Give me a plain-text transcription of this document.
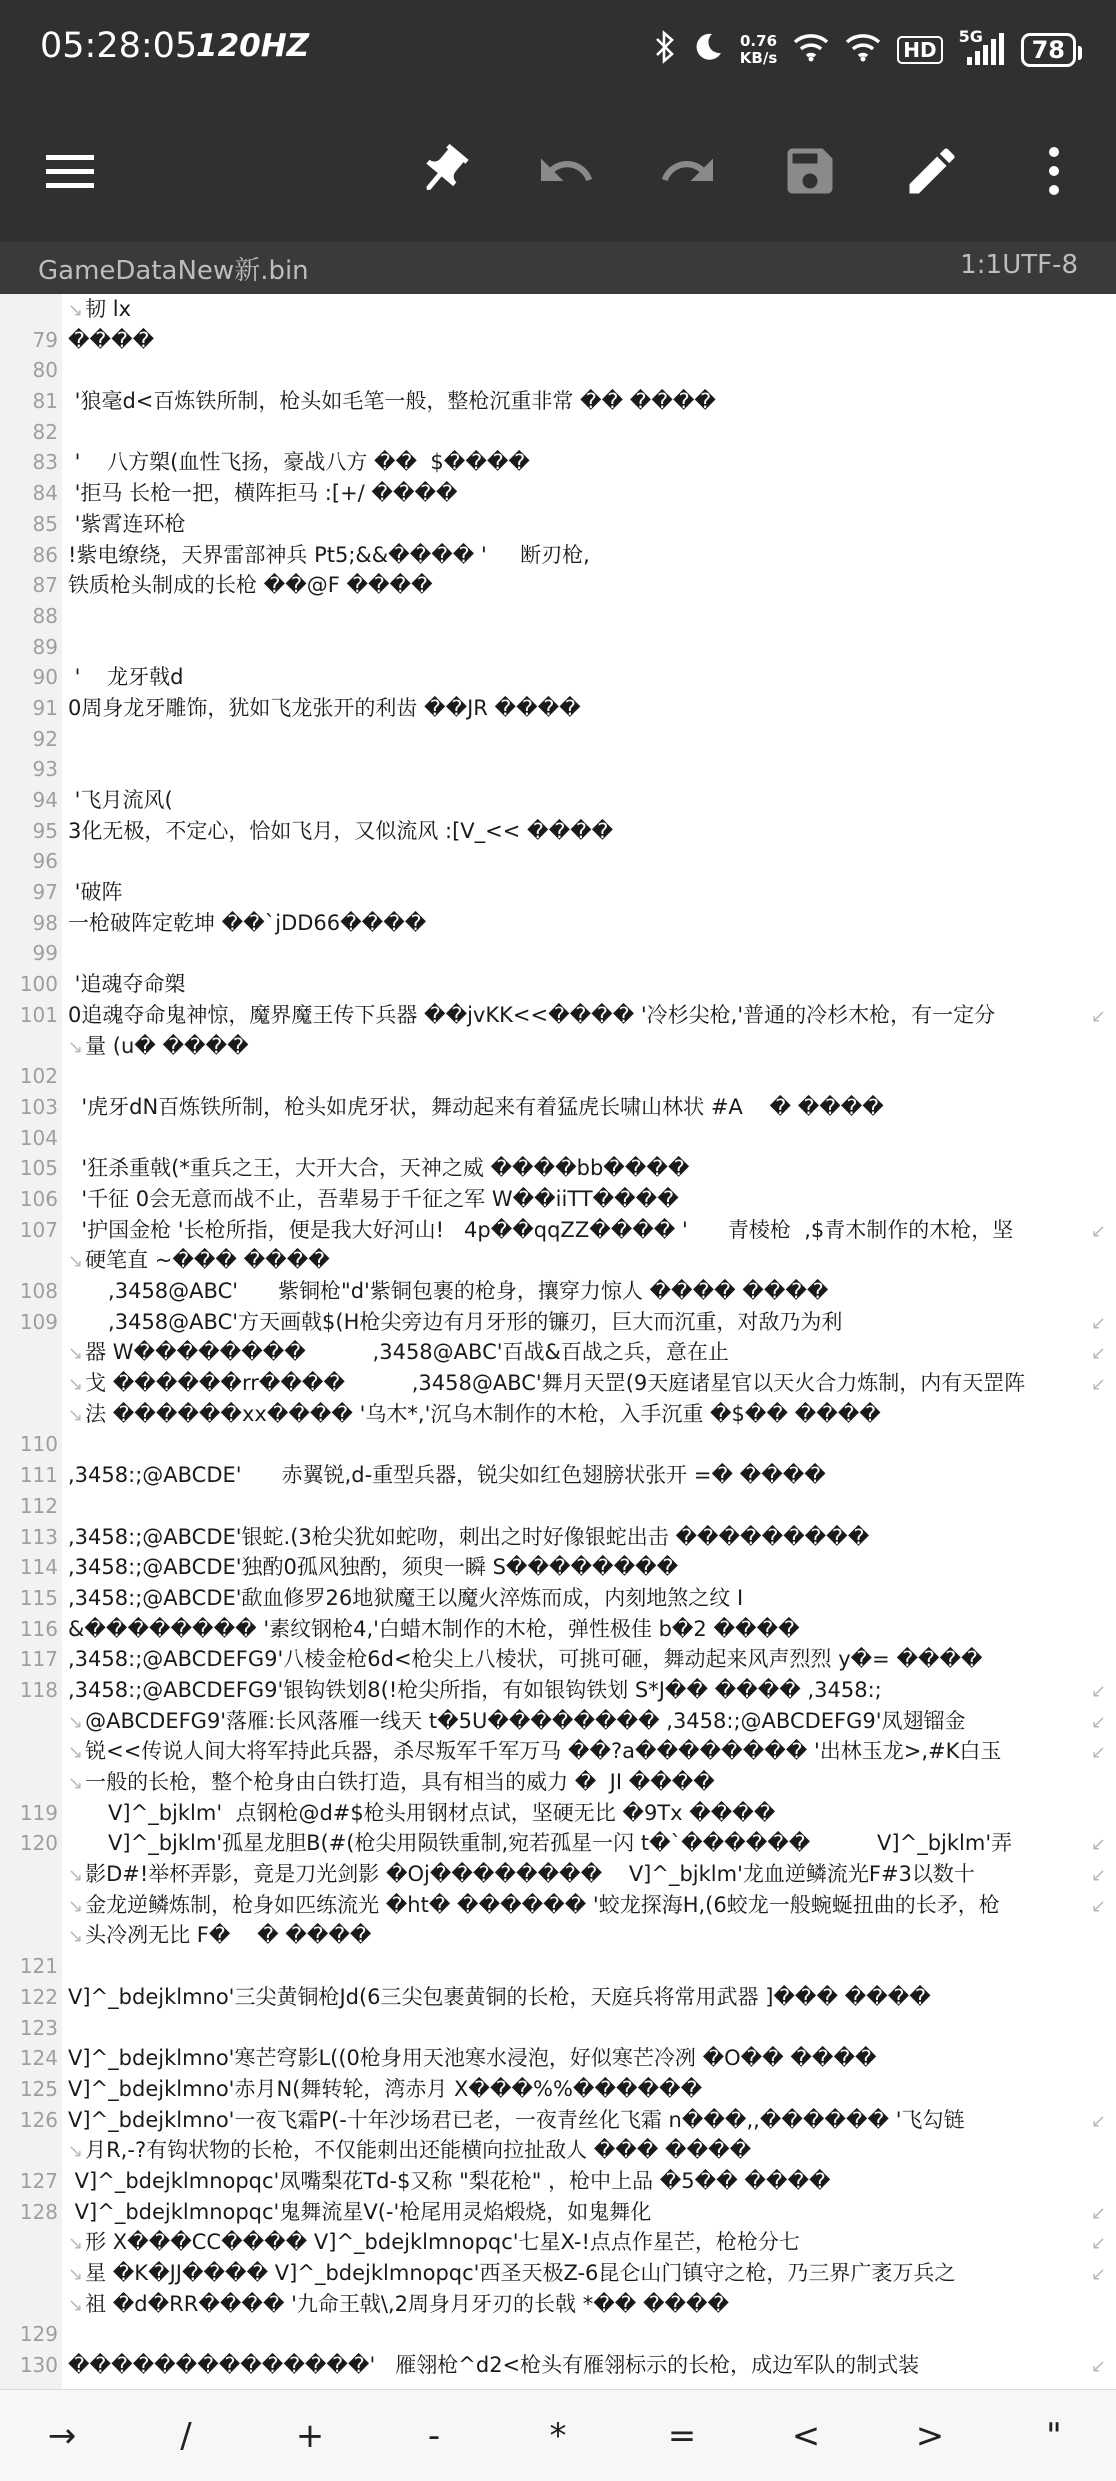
05:28:05
120HZ	0.76
KB/s	HD
5G	78
GameDataNew新.bin	1:1 UTF-8
↘韧 lx
79 ����
80
81 '狼毫d<百炼铁所制，枪头如毛笔一般，整枪沉重非常 �� ����
82
83 '    八方槊(血性飞扬，豪战八方 ��  $����
84 '拒马 长枪一把，横阵拒马 :[+/ ����
85 '紫霄连环枪
86 !紫电缭绕，天界雷部神兵 Pt5;&&���� '     断刃枪,
87 铁质枪头制成的长枪 ��@F ����
88
89
90 '    龙牙戟d
91 0周身龙牙雕饰，犹如飞龙张开的利齿 ��JR ����
92
93
94 '飞月流风(
95 3化无极，不定心，恰如飞月，又似流风 :[V_<< ����
96
97 '破阵
98 一枪破阵定乾坤 ��`jDD66����
99
100 '追魂夺命槊
101 0追魂夺命鬼神惊，魔界魔王传下兵器 ��jvKK<<���� '冷杉尖枪,'普通的冷杉木枪，有一定分	↙
↘量 (u� ����
102
103 '虎牙dN百炼铁所制，枪头如虎牙状，舞动起来有着猛虎长啸山林状 #A    � ����
104
105 '狂杀重戟(*重兵之王，大开大合，天神之威 ����bb����
106 '千征 0会无意而战不止，吾辈易于千征之军 W��iiTT����
107 '护国金枪 '长枪所指，便是我大好河山!   4p��qqZZ���� '      青棱枪  ,$青木制作的木枪，坚	↙
↘硬笔直 ~��� ����
108 ,3458@ABC'      紫铜枪"d'紫铜包裹的枪身，攘穿力惊人 ���� ����
109 ,3458@ABC'方天画戟$(H枪尖旁边有月牙形的镰刃，巨大而沉重，对敌乃为利	↙
↘器 W��������          ,3458@ABC'百战&百战之兵，意在止	↙
↘戈 ������rr����          ,3458@ABC'舞月天罡(9天庭诸星官以天火合力炼制，内有天罡阵	↙
↘法 ������xx���� '乌木*,'沉乌木制作的木枪，入手沉重 �$�� ����
110
111 ,3458:;@ABCDE'      赤翼锐,d-重型兵器，锐尖如红色翅膀状张开 =� ����
112
113 ,3458:;@ABCDE'银蛇.(3枪尖犹如蛇吻，刺出之时好像银蛇出击 ���������
114 ,3458:;@ABCDE'独酌0孤风独酌，须臾一瞬 S��������
115 ,3458:;@ABCDE'歃血修罗26地狱魔王以魔火淬炼而成，内刻地煞之纹 I
116 &�������� '素纹钢枪4,'白蜡木制作的木枪，弹性极佳 b�2 ����
117 ,3458:;@ABCDEFG9'八棱金枪6d<枪尖上八棱状，可挑可砸，舞动起来风声烈烈 y�= ����
118 ,3458:;@ABCDEFG9'银钩铁划8(!枪尖所指，有如银钩铁划 S*J�� ���� ,3458:;	↙
↘@ABCDEFG9'落雁:长风落雁一线天 t�5U�������� ,3458:;@ABCDEFG9'凤翅镏金	↙
↘锐<<传说人间大将军持此兵器，杀尽叛军千军万马 ��?a�������� '出林玉龙>,#K白玉	↙
↘一般的长枪，整个枪身由白铁打造，具有相当的威力 �  JI ����
119 V]^_bjklm'  点钢枪@d#$枪头用钢材点试，坚硬无比 �9Tx ����
120 V]^_bjklm'孤星龙胆B(#(枪尖用陨铁重制,宛若孤星一闪 t�`������          V]^_bjklm'弄	↙
↘影D#!举杯弄影，竟是刀光剑影 �Oj��������    V]^_bjklm'龙血逆鳞流光F#3以数十	↙
↘金龙逆鳞炼制，枪身如匹练流光 �ht� ������ '蛟龙探海H,(6蛟龙一般蜿蜒扭曲的长矛，枪	↙
↘头冷冽无比 F�    � ����
121
122 V]^_bdejklmno'三尖黄铜枪Jd(6三尖包裹黄铜的长枪，天庭兵将常用武器 ]��� ����
123
124 V]^_bdejklmno'寒芒穹影L((0枪身用天池寒水浸泡，好似寒芒冷冽 �O�� ����
125 V]^_bdejklmno'赤月N(舞转轮，湾赤月 X���%%������
126 V]^_bdejklmno'一夜飞霜P(-十年沙场君已老，一夜青丝化飞霜 n���,,������ '飞勾链	↙
↘月R,-?有钩状物的长枪，不仅能刺出还能横向拉扯敌人 ��� ����
127 V]^_bdejklmnopqc'凤嘴梨花Td-$又称 "梨花枪" ，枪中上品 �5�� ����
128 V]^_bdejklmnopqc'鬼舞流星V(-'枪尾用灵焰煅烧，如鬼舞化	↙
↘形 X���CC���� V]^_bdejklmnopqc'七星X-!点点作星芒，枪枪分七	↙
↘星 �K�JJ���� V]^_bdejklmnopqc'西圣天极Z-6昆仑山门镇守之枪，乃三界广袤万兵之	↙
↘祖 �d�RR���� '九命王戟\,2周身月牙刃的长戟 *�� ����
129
130 ��������������'   雁翎枪^d2<枪头有雁翎标示的长枪，成边军队的制式装	↙
→	/	+	-	*	=	<	>	"
